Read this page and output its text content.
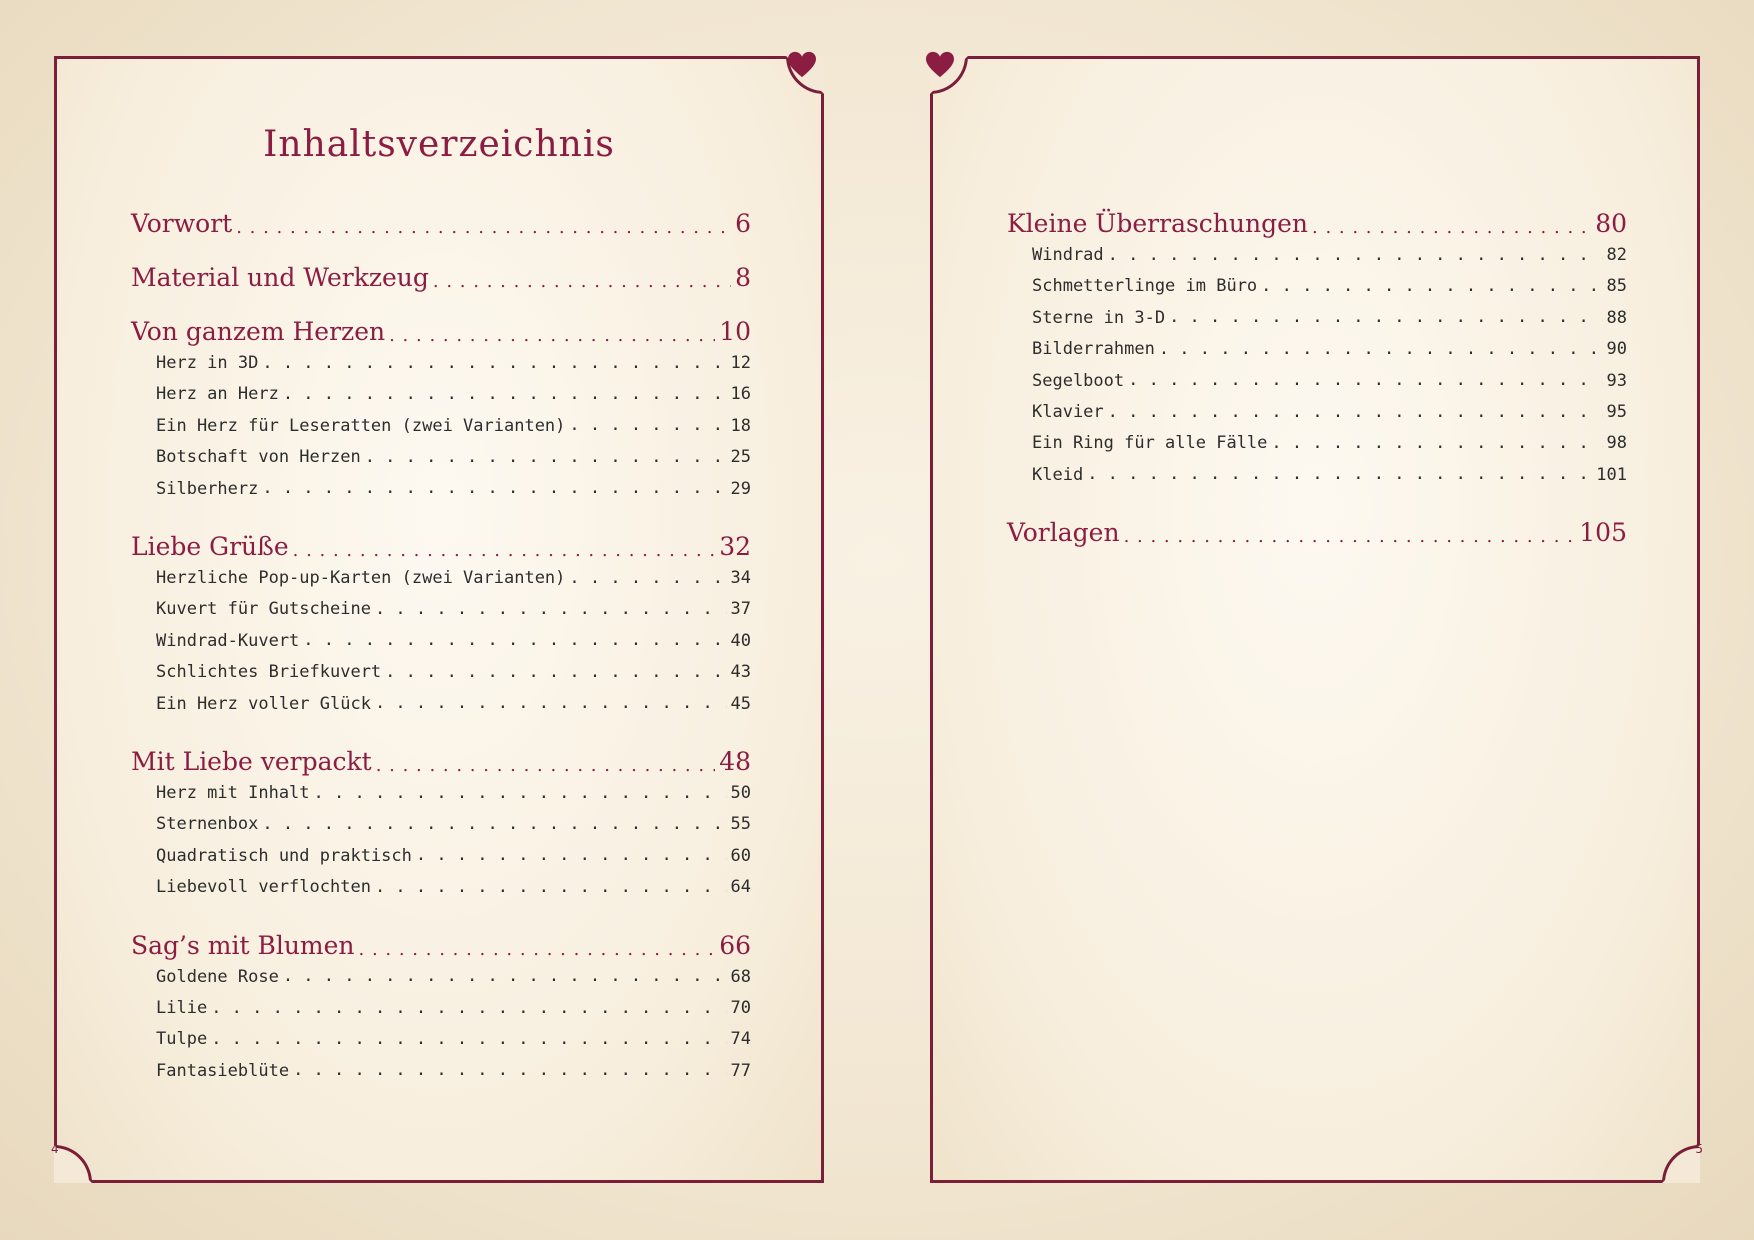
Inhaltsverzeichnis
Vorwort . . .	6
Material und Werkzeug . . .	8
Von ganzem Herzen . . .	10
Herz in 3D . . .	12
Herz an Herz . . .	16
Ein Herz für Leseratten (zwei Varianten) . . .	18
Botschaft von Herzen . . .	25
Silberherz . . .	29
Liebe Grüße . . .	32
Herzliche Pop-up-Karten (zwei Varianten) . . .	34
Kuvert für Gutscheine . . .	37
Windrad-Kuvert . . .	40
Schlichtes Briefkuvert . . .	43
Ein Herz voller Glück . . .	45
Mit Liebe verpackt . . .	48
Herz mit Inhalt . . .	50
Sternenbox . . .	55
Quadratisch und praktisch . . .	60
Liebevoll verflochten . . .	64
Sag’s mit Blumen . . .	66
Goldene Rose . . .	68
Lilie . . .	70
Tulpe . . .	74
Fantasieblüte . . .	77
4
Kleine Überraschungen . . .	80
Windrad . . .	82
Schmetterlinge im Büro . . .	85
Sterne in 3-D . . .	88
Bilderrahmen . . .	90
Segelboot . . .	93
Klavier . . .	95
Ein Ring für alle Fälle . . .	98
Kleid . . .	101
Vorlagen . . .	105
5
